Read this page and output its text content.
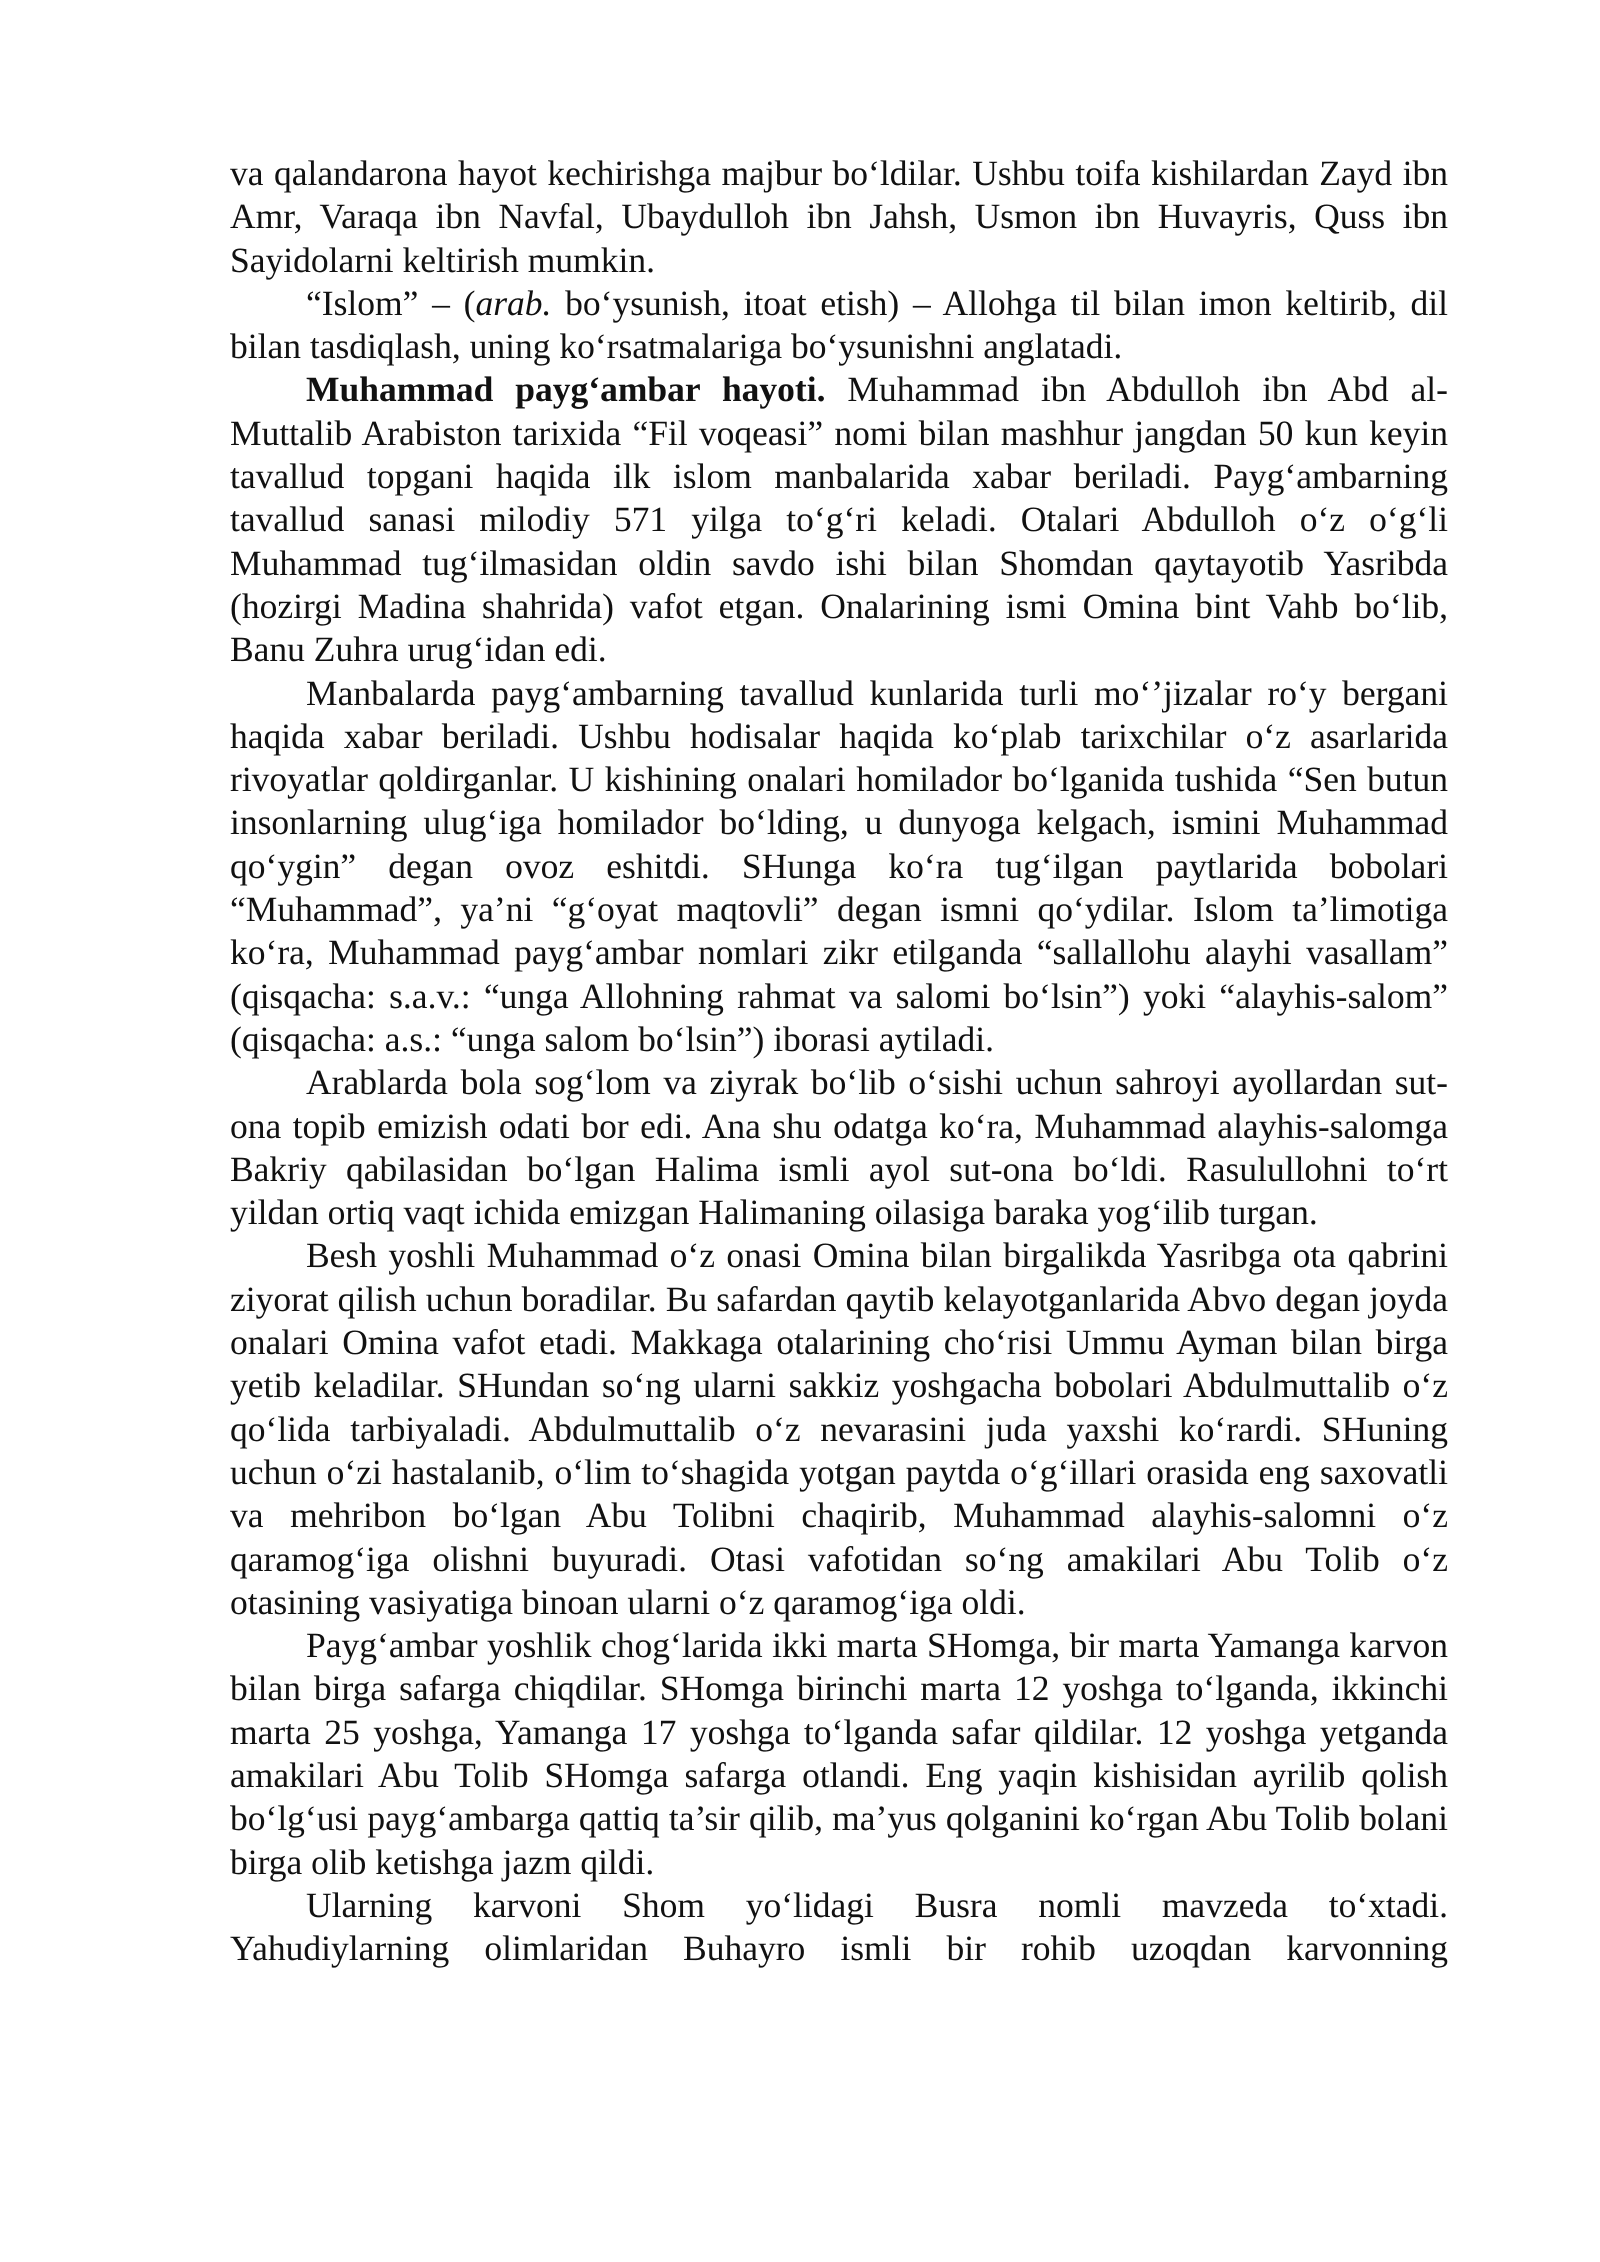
va qalandarona hayot kechirishga majbur bo‘ldilar. Ushbu toifa kishilardan Zayd ibn Amr, Varaqa ibn Navfal, Ubaydulloh ibn Jahsh, Usmon ibn Huvayris, Quss ibn Sayidolarni keltirish mumkin.

“Islom” – (arab. bo‘ysunish, itoat etish) – Allohga til bilan imon keltirib, dil bilan tasdiqlash, uning ko‘rsatmalariga bo‘ysunishni anglatadi.

Muhammad payg‘ambar hayoti. Muhammad ibn Abdulloh ibn Abd al-Muttalib Arabiston tarixida “Fil voqeasi” nomi bilan mashhur jangdan 50 kun keyin tavallud topgani haqida ilk islom manbalarida xabar beriladi. Payg‘ambarning tavallud sanasi milodiy 571 yilga to‘g‘ri keladi. Otalari Abdulloh o‘z o‘g‘li Muhammad tug‘ilmasidan oldin savdo ishi bilan Shomdan qaytayotib Yasribda (hozirgi Madina shahrida) vafot etgan. Onalarining ismi Omina bint Vahb bo‘lib, Banu Zuhra urug‘idan edi.

Manbalarda payg‘ambarning tavallud kunlarida turli mo‘’jizalar ro‘y bergani haqida xabar beriladi. Ushbu hodisalar haqida ko‘plab tarixchilar o‘z asarlarida rivoyatlar qoldirganlar. U kishining onalari homilador bo‘lganida tushida “Sen butun insonlarning ulug‘iga homilador bo‘lding, u dunyoga kelgach, ismini Muhammad qo‘ygin” degan ovoz eshitdi. SHunga ko‘ra tug‘ilgan paytlarida bobolari “Muhammad”, ya’ni “g‘oyat maqtovli” degan ismni qo‘ydilar. Islom ta’limotiga ko‘ra, Muhammad payg‘ambar nomlari zikr etilganda “sallallohu alayhi vasallam” (qisqacha: s.a.v.: “unga Allohning rahmat va salomi bo‘lsin”) yoki “alayhis-salom” (qisqacha: a.s.: “unga salom bo‘lsin”) iborasi aytiladi.

Arablarda bola sog‘lom va ziyrak bo‘lib o‘sishi uchun sahroyi ayollardan sut-ona topib emizish odati bor edi. Ana shu odatga ko‘ra, Muhammad alayhis-salomga Bakriy qabilasidan bo‘lgan Halima ismli ayol sut-ona bo‘ldi. Rasulullohni to‘rt yildan ortiq vaqt ichida emizgan Halimaning oilasiga baraka yog‘ilib turgan.

Besh yoshli Muhammad o‘z onasi Omina bilan birgalikda Yasribga ota qabrini ziyorat qilish uchun boradilar. Bu safardan qaytib kelayotganlarida Abvo degan joyda onalari Omina vafot etadi. Makkaga otalarining cho‘risi Ummu Ayman bilan birga yetib keladilar. SHundan so‘ng ularni sakkiz yoshgacha bobolari Abdulmuttalib o‘z qo‘lida tarbiyaladi. Abdulmuttalib o‘z nevarasini juda yaxshi ko‘rardi. SHuning uchun o‘zi hastalanib, o‘lim to‘shagida yotgan paytda o‘g‘illari orasida eng saxovatli va mehribon bo‘lgan Abu Tolibni chaqirib, Muhammad alayhis-salomni o‘z qaramog‘iga olishni buyuradi. Otasi vafotidan so‘ng amakilari Abu Tolib o‘z otasining vasiyatiga binoan ularni o‘z qaramog‘iga oldi.

Payg‘ambar yoshlik chog‘larida ikki marta SHomga, bir marta Yamanga karvon bilan birga safarga chiqdilar. SHomga birinchi marta 12 yoshga to‘lganda, ikkinchi marta 25 yoshga, Yamanga 17 yoshga to‘lganda safar qildilar. 12 yoshga yetganda amakilari Abu Tolib SHomga safarga otlandi. Eng yaqin kishisidan ayrilib qolish bo‘lg‘usi payg‘ambarga qattiq ta’sir qilib, ma’yus qolganini ko‘rgan Abu Tolib bolani birga olib ketishga jazm qildi.

Ularning karvoni Shom yo‘lidagi Busra nomli mavzeda to‘xtadi. Yahudiylarning olimlaridan Buhayro ismli bir rohib uzoqdan karvonning
